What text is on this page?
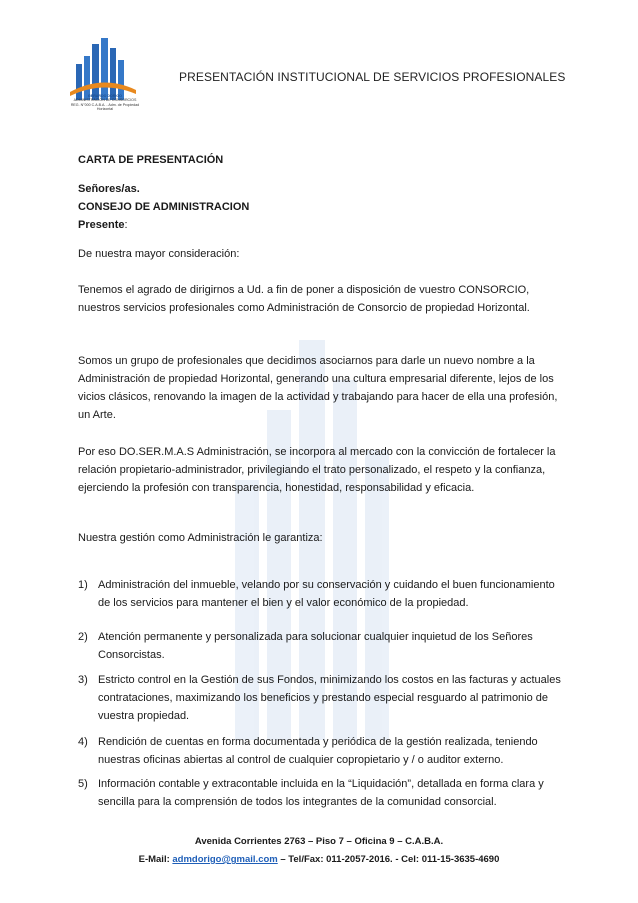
GERARDO DORIGO
ADMINISTRACIÓN DE CONSORCIOS
REG. N°000 C.A.B.A. - Adm. de Propiedad Horizontal
PRESENTACIÓN INSTITUCIONAL DE SERVICIOS PROFESIONALES
CARTA DE PRESENTACIÓN
Señores/as.
CONSEJO DE ADMINISTRACION
Presente:
De nuestra mayor consideración:
Tenemos el agrado de dirigirnos a Ud. a fin de poner a disposición de vuestro CONSORCIO, nuestros servicios profesionales como Administración de Consorcio de propiedad Horizontal.
Somos un grupo de profesionales que decidimos asociarnos para darle un nuevo nombre a la Administración de propiedad Horizontal, generando una cultura empresarial diferente, lejos de los vicios clásicos, renovando la imagen de la actividad y trabajando para hacer de ella una profesión, un Arte.
Por eso DO.SER.M.A.S Administración, se incorpora al mercado con la convicción de fortalecer la relación propietario-administrador, privilegiando el trato personalizado, el respeto y la confianza, ejerciendo la profesión con transparencia, honestidad, responsabilidad y eficacia.
Nuestra gestión como Administración le garantiza:
1) Administración del inmueble, velando por su conservación y cuidando el buen funcionamiento de los servicios para mantener el bien y el valor económico de la propiedad.
2) Atención permanente y personalizada para solucionar cualquier inquietud de los Señores Consorcistas.
3) Estricto control en la Gestión de sus Fondos, minimizando los costos en las facturas y actuales contrataciones, maximizando los beneficios y prestando especial resguardo al patrimonio de vuestra propiedad.
4) Rendición de cuentas en forma documentada y periódica de la gestión realizada, teniendo nuestras oficinas abiertas al control de cualquier copropietario y / o auditor externo.
5) Información contable y extracontable incluida en la “Liquidación”, detallada en forma clara y sencilla para la comprensión de todos los integrantes de la comunidad consorcial.
Avenida Corrientes 2763 – Piso 7 – Oficina 9 – C.A.B.A.
E-Mail: admdorigo@gmail.com – Tel/Fax: 011-2057-2016. - Cel: 011-15-3635-4690
